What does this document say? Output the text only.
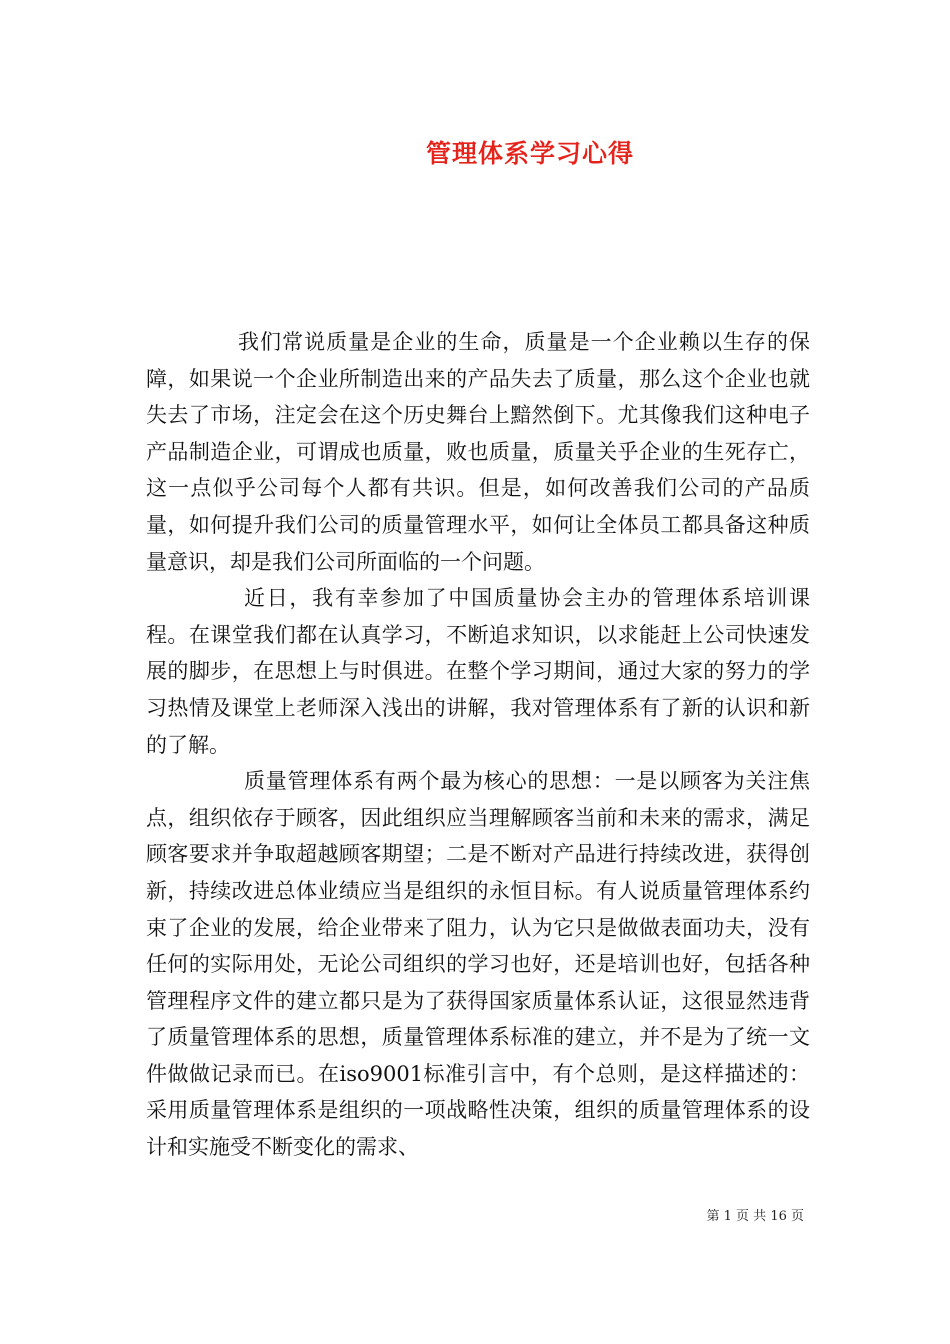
管理体系学习心得

我们常说质量是企业的生命，质量是一个企业赖以生存的保障，如果说一个企业所制造出来的产品失去了质量，那么这个企业也就失去了市场，注定会在这个历史舞台上黯然倒下。尤其像我们这种电子产品制造企业，可谓成也质量，败也质量，质量关乎企业的生死存亡，这一点似乎公司每个人都有共识。但是，如何改善我们公司的产品质量，如何提升我们公司的质量管理水平，如何让全体员工都具备这种质量意识，却是我们公司所面临的一个问题。

近日，我有幸参加了中国质量协会主办的管理体系培训课程。在课堂我们都在认真学习，不断追求知识，以求能赶上公司快速发展的脚步，在思想上与时俱进。在整个学习期间，通过大家的努力的学习热情及课堂上老师深入浅出的讲解，我对管理体系有了新的认识和新的了解。

质量管理体系有两个最为核心的思想：一是以顾客为关注焦点，组织依存于顾客，因此组织应当理解顾客当前和未来的需求，满足顾客要求并争取超越顾客期望；二是不断对产品进行持续改进，获得创新，持续改进总体业绩应当是组织的永恒目标。有人说质量管理体系约束了企业的发展，给企业带来了阻力，认为它只是做做表面功夫，没有任何的实际用处，无论公司组织的学习也好，还是培训也好，包括各种管理程序文件的建立都只是为了获得国家质量体系认证，这很显然违背了质量管理体系的思想，质量管理体系标准的建立，并不是为了统一文件做做记录而已。在iso9001标准引言中，有个总则，是这样描述的：采用质量管理体系是组织的一项战略性决策，组织的质量管理体系的设计和实施受不断变化的需求、

第 1 页 共 16 页
